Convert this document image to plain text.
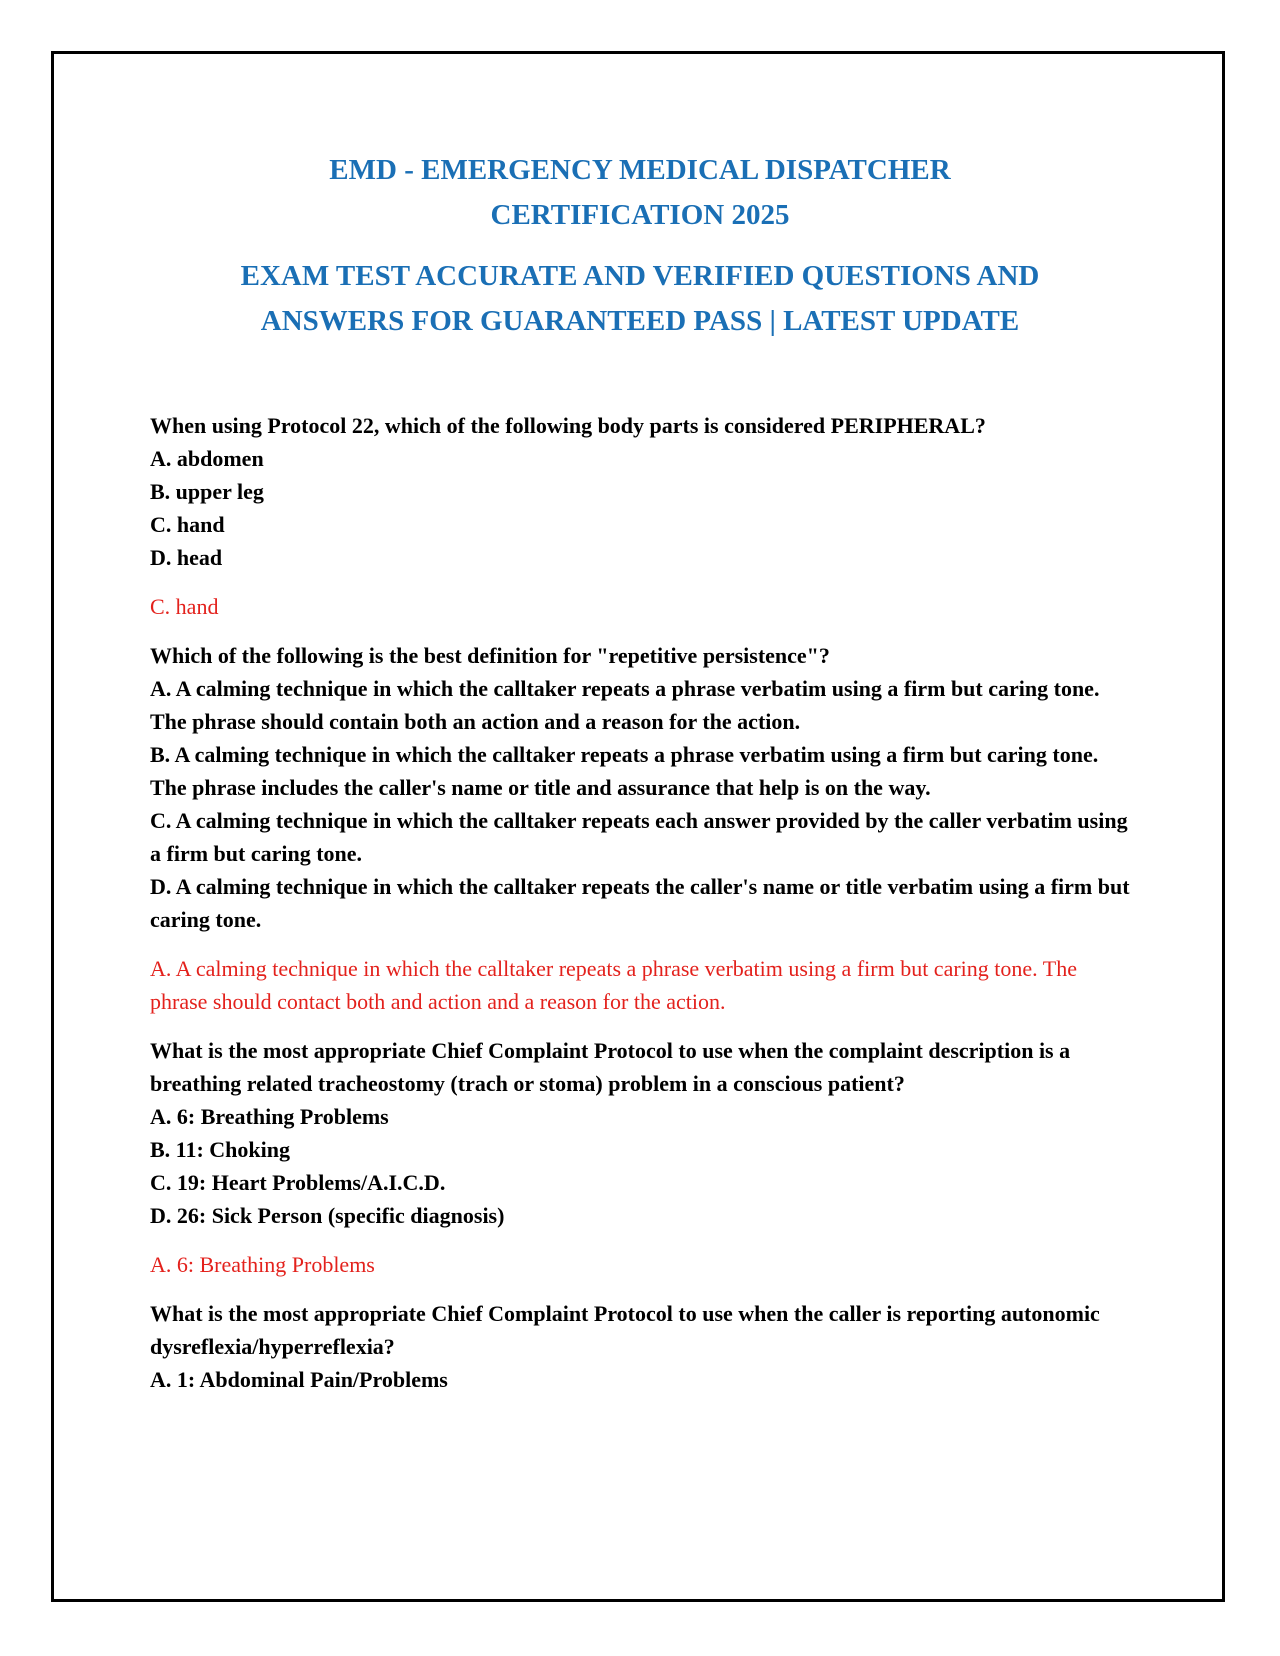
EMD - EMERGENCY MEDICAL DISPATCHER
CERTIFICATION 2025
EXAM TEST ACCURATE AND VERIFIED QUESTIONS AND
ANSWERS FOR GUARANTEED PASS | LATEST UPDATE
When using Protocol 22, which of the following body parts is considered PERIPHERAL?
A. abdomen
B. upper leg
C. hand
D. head
C. hand
Which of the following is the best definition for "repetitive persistence"?
A. A calming technique in which the calltaker repeats a phrase verbatim using a firm but caring tone. The phrase should contain both an action and a reason for the action.
B. A calming technique in which the calltaker repeats a phrase verbatim using a firm but caring tone. The phrase includes the caller's name or title and assurance that help is on the way.
C. A calming technique in which the calltaker repeats each answer provided by the caller verbatim using a firm but caring tone.
D. A calming technique in which the calltaker repeats the caller's name or title verbatim using a firm but caring tone.
A. A calming technique in which the calltaker repeats a phrase verbatim using a firm but caring tone. The phrase should contact both and action and a reason for the action.
What is the most appropriate Chief Complaint Protocol to use when the complaint description is a breathing related tracheostomy (trach or stoma) problem in a conscious patient?
A. 6: Breathing Problems
B. 11: Choking
C. 19: Heart Problems/A.I.C.D.
D. 26: Sick Person (specific diagnosis)
A. 6: Breathing Problems
What is the most appropriate Chief Complaint Protocol to use when the caller is reporting autonomic dysreflexia/hyperreflexia?
A. 1: Abdominal Pain/Problems
